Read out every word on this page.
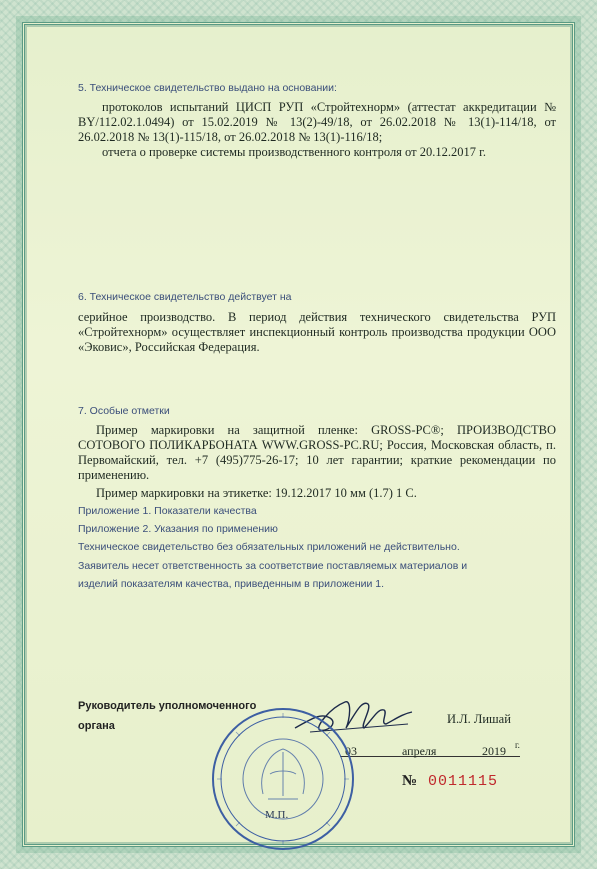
5. Техническое свидетельство выдано на основании:
протоколов испытаний ЦИСП РУП «Стройтехнорм» (аттестат аккредитации № BY/112.02.1.0494) от 15.02.2019 № 13(2)-49/18, от 26.02.2018 № 13(1)-114/18, от 26.02.2018 № 13(1)-115/18, от 26.02.2018 № 13(1)-116/18;
отчета о проверке системы производственного контроля от 20.12.2017 г.
6. Техническое свидетельство действует на
серийное производство. В период действия технического свидетельства РУП «Стройтехнорм» осуществляет инспекционный контроль производства продукции ООО «Эковис», Российская Федерация.
7. Особые отметки
Пример маркировки на защитной пленке: GROSS-PC®; ПРОИЗВОДСТВО СОТОВОГО ПОЛИКАРБОНАТА WWW.GROSS-PC.RU; Россия, Московская область, п. Первомайский, тел. +7 (495)775-26-17; 10 лет гарантии; краткие рекомендации по применению.
Пример маркировки на этикетке: 19.12.2017 10 мм (1.7) 1 С.
Приложение 1. Показатели качества
Приложение 2. Указания по применению
Техническое свидетельство без обязательных приложений не действительно.
Заявитель несет ответственность за соответствие поставляемых материалов и
изделий показателям качества, приведенным в приложении 1.
Руководитель уполномоченного
органа	И.Л. Лишай
03	апреля	2019 г.
М.П.
№ 0011115
